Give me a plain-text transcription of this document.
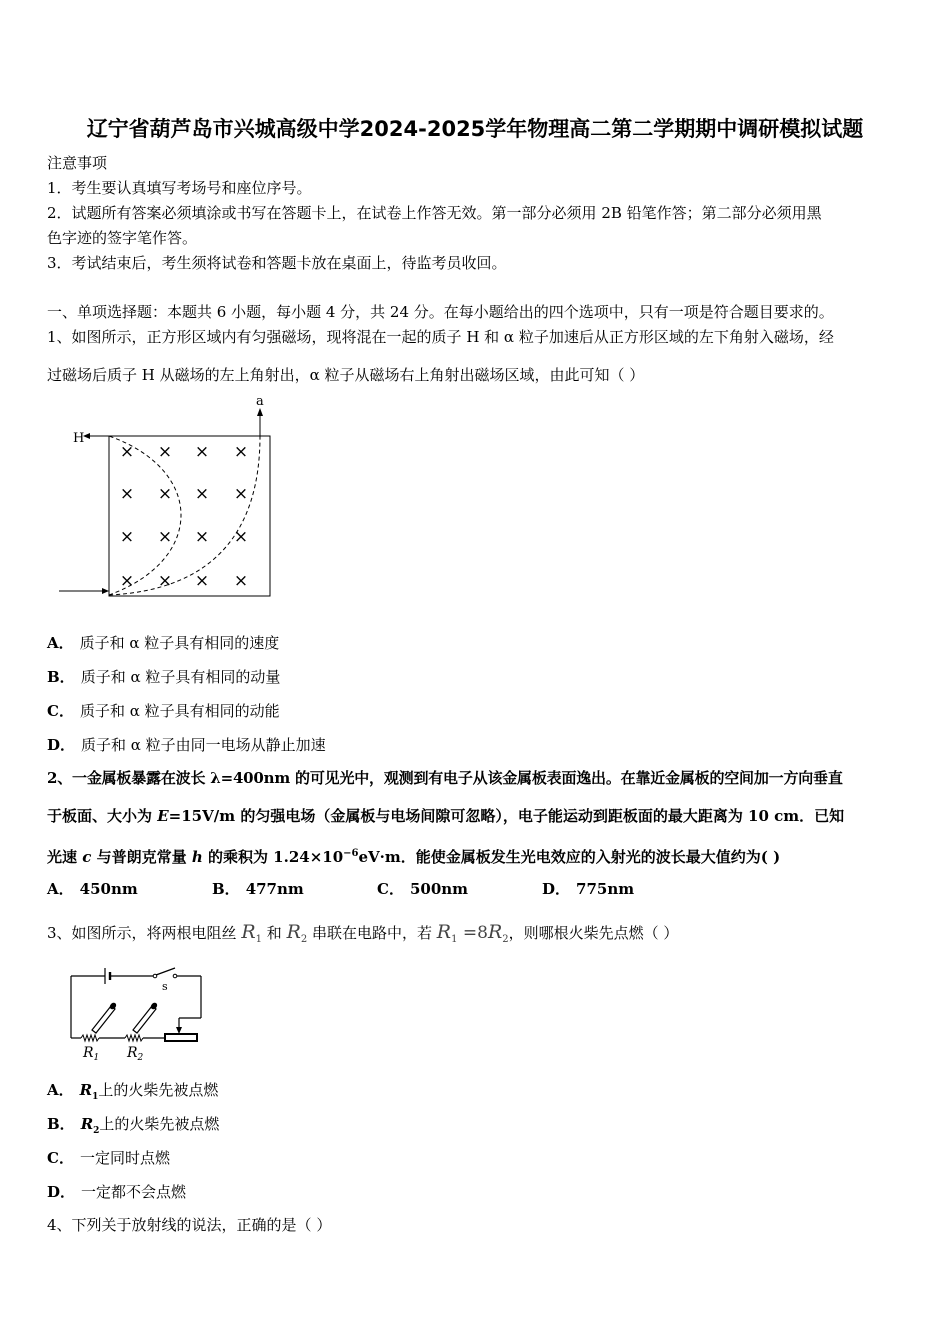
辽宁省葫芦岛市兴城高级中学2024-2025学年物理高二第二学期期中调研模拟试题
注意事项
1．考生要认真填写考场号和座位序号。
2．试题所有答案必须填涂或书写在答题卡上，在试卷上作答无效。第一部分必须用 2B 铅笔作答；第二部分必须用黑
色字迹的签字笔作答。
3．考试结束后，考生须将试卷和答题卡放在桌面上，待监考员收回。
一、单项选择题：本题共 6 小题，每小题 4 分，共 24 分。在每小题给出的四个选项中，只有一项是符合题目要求的。
1、如图所示，正方形区域内有匀强磁场，现将混在一起的质子 H 和 α 粒子加速后从正方形区域的左下角射入磁场，经
过磁场后质子 H 从磁场的左上角射出，α 粒子从磁场右上角射出磁场区域，由此可知（ ）
× × × ×
× × × ×
× × × ×
× × × ×
H
a
A． 质子和 α 粒子具有相同的速度
B． 质子和 α 粒子具有相同的动量
C． 质子和 α 粒子具有相同的动能
D． 质子和 α 粒子由同一电场从静止加速
2、一金属板暴露在波长 λ=400nm 的可见光中，观测到有电子从该金属板表面逸出。在靠近金属板的空间加一方向垂直
于板面、大小为 E=15V/m 的匀强电场（金属板与电场间隙可忽略），电子能运动到距板面的最大距离为 10 cm．已知
光速 c 与普朗克常量 h 的乘积为 $1.24\times 10^{-6}eV\cdot m$．能使金属板发生光电效应的入射光的波长最大值约为( )
A． 450nm	B． 477nm	C． 500nm	D． 775nm
3、如图所示，将两根电阻丝 $R_1$ 和 $R_2$ 串联在电路中，若 $R_1 =8R_2$，则哪根火柴先点燃（ ）
s
$R_1$ $R_2$
A． $R_1$上的火柴先被点燃
B． $R_2$上的火柴先被点燃
C． 一定同时点燃
D． 一定都不会点燃
4、下列关于放射线的说法，正确的是（ ）
